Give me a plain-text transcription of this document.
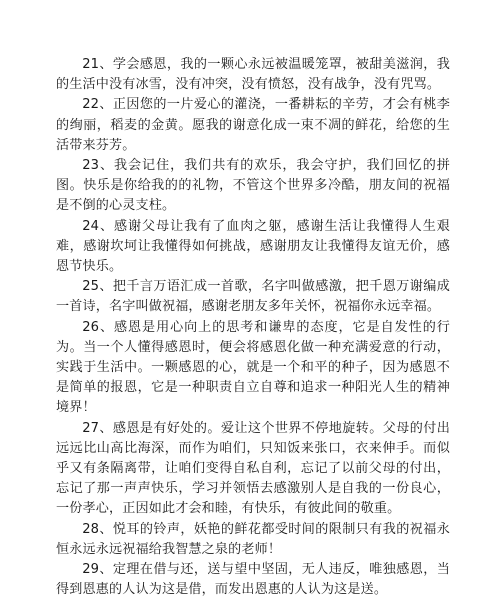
21、学会感恩，我的一颗心永远被温暖笼罩，被甜美滋润，我的生活中没有冰雪，没有冲突，没有愤怒，没有战争，没有咒骂。

22、正因您的一片爱心的灌浇，一番耕耘的辛劳，才会有桃李的绚丽，稻麦的金黄。愿我的谢意化成一束不凋的鲜花，给您的生活带来芬芳。

23、我会记住，我们共有的欢乐，我会守护，我们回忆的拼图。快乐是你给我的的礼物，不管这个世界多冷酷，朋友间的祝福是不倒的心灵支柱。

24、感谢父母让我有了血肉之躯，感谢生活让我懂得人生艰难，感谢坎坷让我懂得如何挑战，感谢朋友让我懂得友谊无价，感恩节快乐。

25、把千言万语汇成一首歌，名字叫做感激，把千恩万谢编成一首诗，名字叫做祝福，感谢老朋友多年关怀，祝福你永远幸福。

26、感恩是用心向上的思考和谦卑的态度，它是自发性的行为。当一个人懂得感恩时，便会将感恩化做一种充满爱意的行动，实践于生活中。一颗感恩的心，就是一个和平的种子，因为感恩不是简单的报恩，它是一种职责自立自尊和追求一种阳光人生的精神境界！

27、感恩是有好处的。爱让这个世界不停地旋转。父母的付出远远比山高比海深，而作为咱们，只知饭来张口，衣来伸手。而似乎又有条隔离带，让咱们变得自私自利，忘记了以前父母的付出，忘记了那一声声快乐，学习并领悟去感激别人是自我的一份良心，一份孝心，正因如此才会和睦，有快乐，有彼此间的敬重。

28、悦耳的铃声，妖艳的鲜花都受时间的限制只有我的祝福永恒永远永远祝福给我智慧之泉的老师！

29、定理在借与还，送与望中坚固，无人违反，唯独感恩，当得到恩惠的人认为这是借，而发出恩惠的人认为这是送。
